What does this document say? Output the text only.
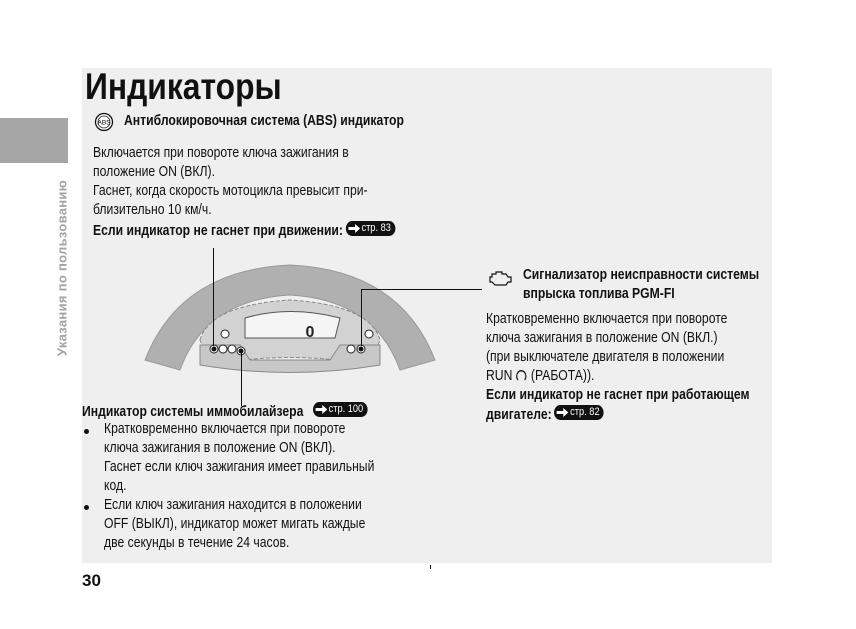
Указания по пользованию
Индикаторы
ABS Антиблокировочная система (ABS) индикатор
Включается при повороте ключа зажигания в
положение ON (ВКЛ).
Гаснет, когда скорость мотоцикла превысит при-
близительно 10 км/ч.
Если индикатор не гаснет при движении: стр. 83
0
Сигнализатор неисправности системы
впрыска топлива PGM-FI
Кратковременно включается при повороте
ключа зажигания в положение ON (ВКЛ.)
(при выключателе двигателя в положении
RUN (РАБОТА)).
Если индикатор не гаснет при работающем
двигателе: стр. 82
Индикатор системы иммобилайзера стр. 100
Кратковременно включается при повороте
ключа зажигания в положение ON (ВКЛ).
Гаснет если ключ зажигания имеет правильный
код.
Если ключ зажигания находится в положении
OFF (ВЫКЛ), индикатор может мигать каждые
две секунды в течение 24 часов.
30
